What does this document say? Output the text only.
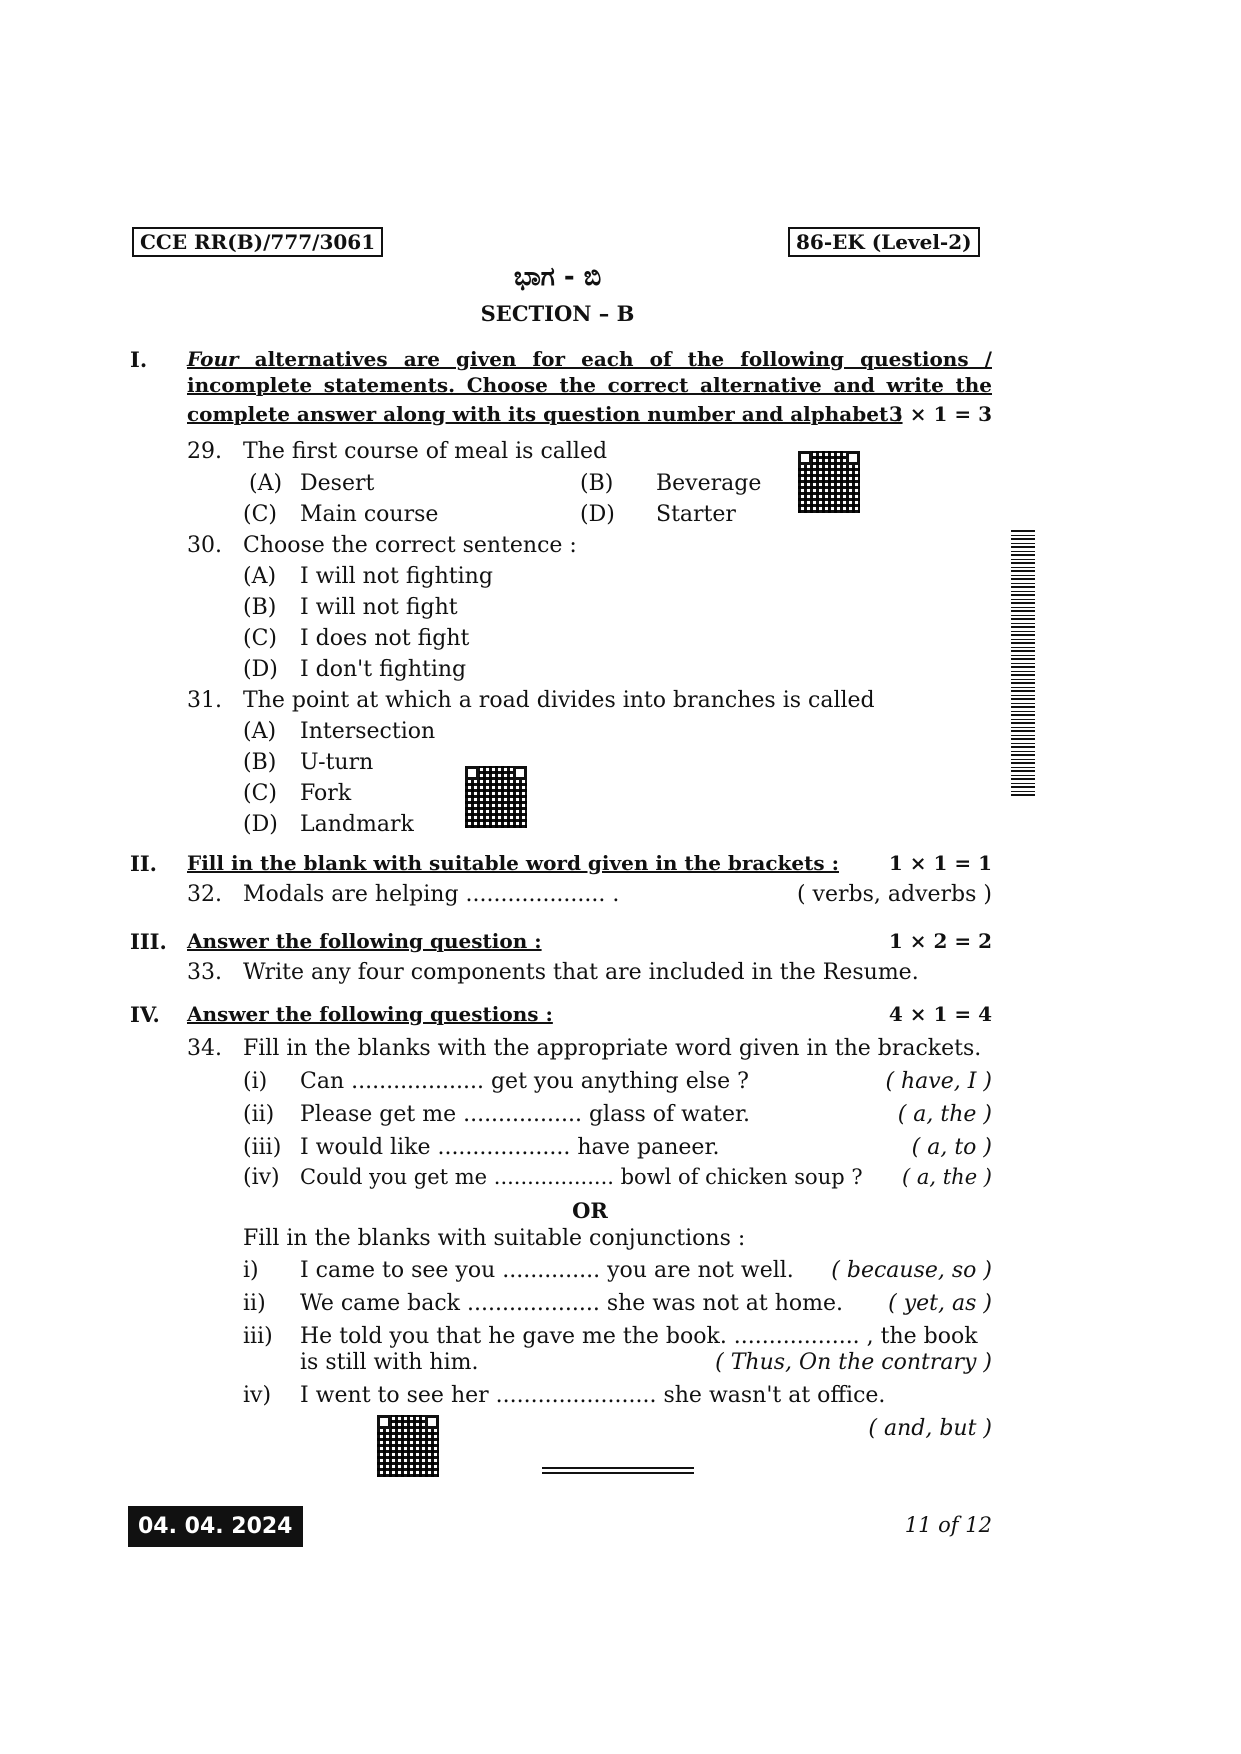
CCE RR(B)/777/3061	86-EK (Level-2)
ಭಾಗ - ಬಿ
SECTION – B
I. Four alternatives are given for each of the following questions /
incomplete statements. Choose the correct alternative and write the
complete answer along with its question number and alphabet :
3 × 1 = 3
29. The first course of meal is called
(A) Desert	(B) Beverage
(C) Main course	(D) Starter
30. Choose the correct sentence :
(A) I will not fighting
(B) I will not fight
(C) I does not fight
(D) I don't fighting
31. The point at which a road divides into branches is called
(A) Intersection
(B) U-turn
(C) Fork
(D) Landmark
II. Fill in the blank with suitable word given in the brackets :	1 × 1 = 1
32. Modals are helping .................... .	( verbs, adverbs )
III. Answer the following question :	1 × 2 = 2
33. Write any four components that are included in the Resume.
IV. Answer the following questions :	4 × 1 = 4
34. Fill in the blanks with the appropriate word given in the brackets.
(i) Can ................... get you anything else ?	( have, I )
(ii) Please get me ................. glass of water.	( a, the )
(iii) I would like ................... have paneer.	( a, to )
(iv) Could you get me .................. bowl of chicken soup ?	( a, the )
OR
Fill in the blanks with suitable conjunctions :
i) I came to see you .............. you are not well.	( because, so )
ii) We came back ................... she was not at home.	( yet, as )
iii) He told you that he gave me the book. .................. , the book
is still with him.	( Thus, On the contrary )
iv) I went to see her ....................... she wasn't at office.
( and, but )
04. 04. 2024	11 of 12
